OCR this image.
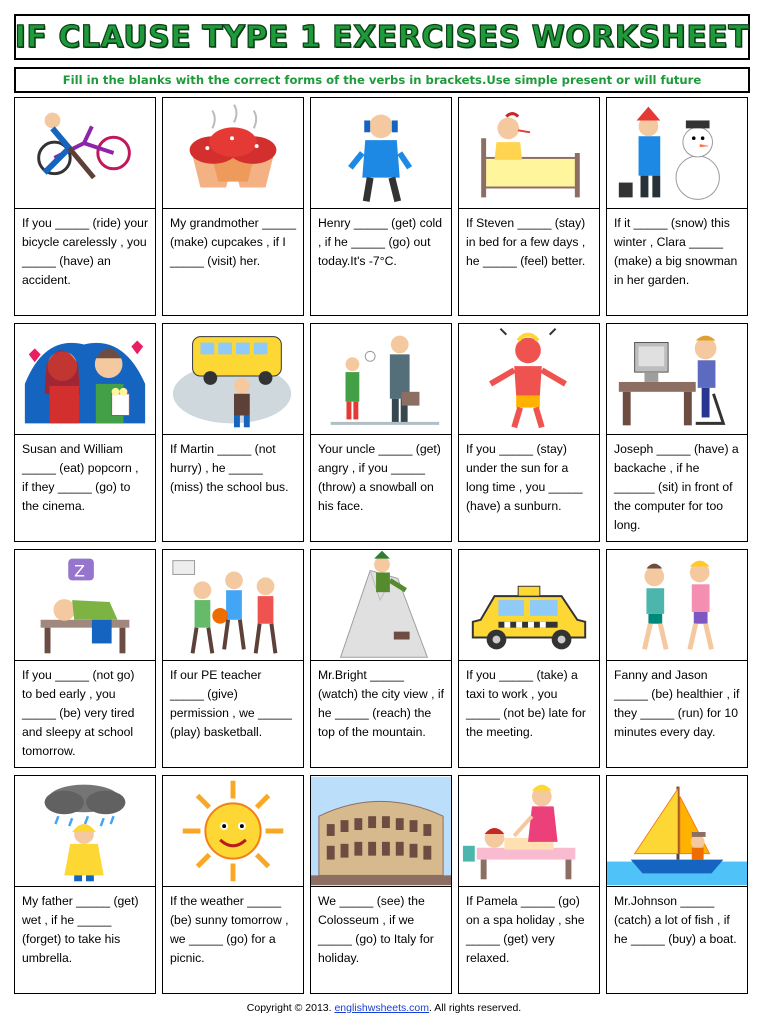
IF CLAUSE TYPE 1 EXERCISES WORKSHEET
Fill in the blanks with the correct forms of the verbs in brackets.Use simple present or will future
If you _____ (ride) your bicycle carelessly , you _____ (have) an accident.
My grandmother _____ (make) cupcakes , if I _____ (visit) her.
Henry _____ (get) cold , if he _____ (go) out today.It's -7°C.
If Steven _____ (stay) in bed for a few days , he _____ (feel) better.
If it _____ (snow) this winter , Clara _____ (make) a big snowman in her garden.
Susan and William _____ (eat) popcorn , if they _____ (go) to the cinema.
If Martin _____ (not hurry) , he _____ (miss) the school bus.
Your uncle _____ (get) angry , if you _____ (throw) a snowball on his face.
If you _____ (stay) under the sun for a long time , you _____ (have) a sunburn.
Joseph _____ (have) a backache , if he ______ (sit) in front of the computer for too long.
Z
If you _____ (not go) to bed early , you _____ (be) very tired and sleepy at school tomorrow.
If our PE teacher _____ (give) permission , we _____ (play) basketball.
Mr.Bright _____ (watch) the city view , if he _____ (reach) the top of the mountain.
If you _____ (take) a taxi to work , you _____ (not be) late for the meeting.
Fanny and Jason _____ (be) healthier , if they _____ (run) for 10 minutes every day.
My father _____ (get) wet , if he _____ (forget) to take his umbrella.
If the weather _____ (be) sunny tomorrow , we _____ (go) for a picnic.
We _____ (see) the Colosseum , if we _____ (go) to Italy for holiday.
If Pamela _____ (go) on a spa holiday , she _____ (get) very relaxed.
Mr.Johnson _____ (catch) a lot of fish , if he _____ (buy) a boat.
Copyright © 2013. englishwsheets.com. All rights reserved.
